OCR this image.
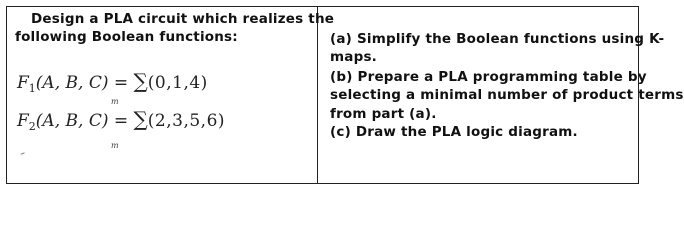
Design a PLA circuit which realizes the
following Boolean functions:
$F_1(A$, B, C) = ∑(0,1,4)
m
$F_2(A$, B, C) = ∑(2,3,5,6)
m
(a) Simplify the Boolean functions using K-
maps.
(b) Prepare a PLA programming table by
selecting a minimal number of product terms
from part (a).
(c) Draw the PLA logic diagram.
